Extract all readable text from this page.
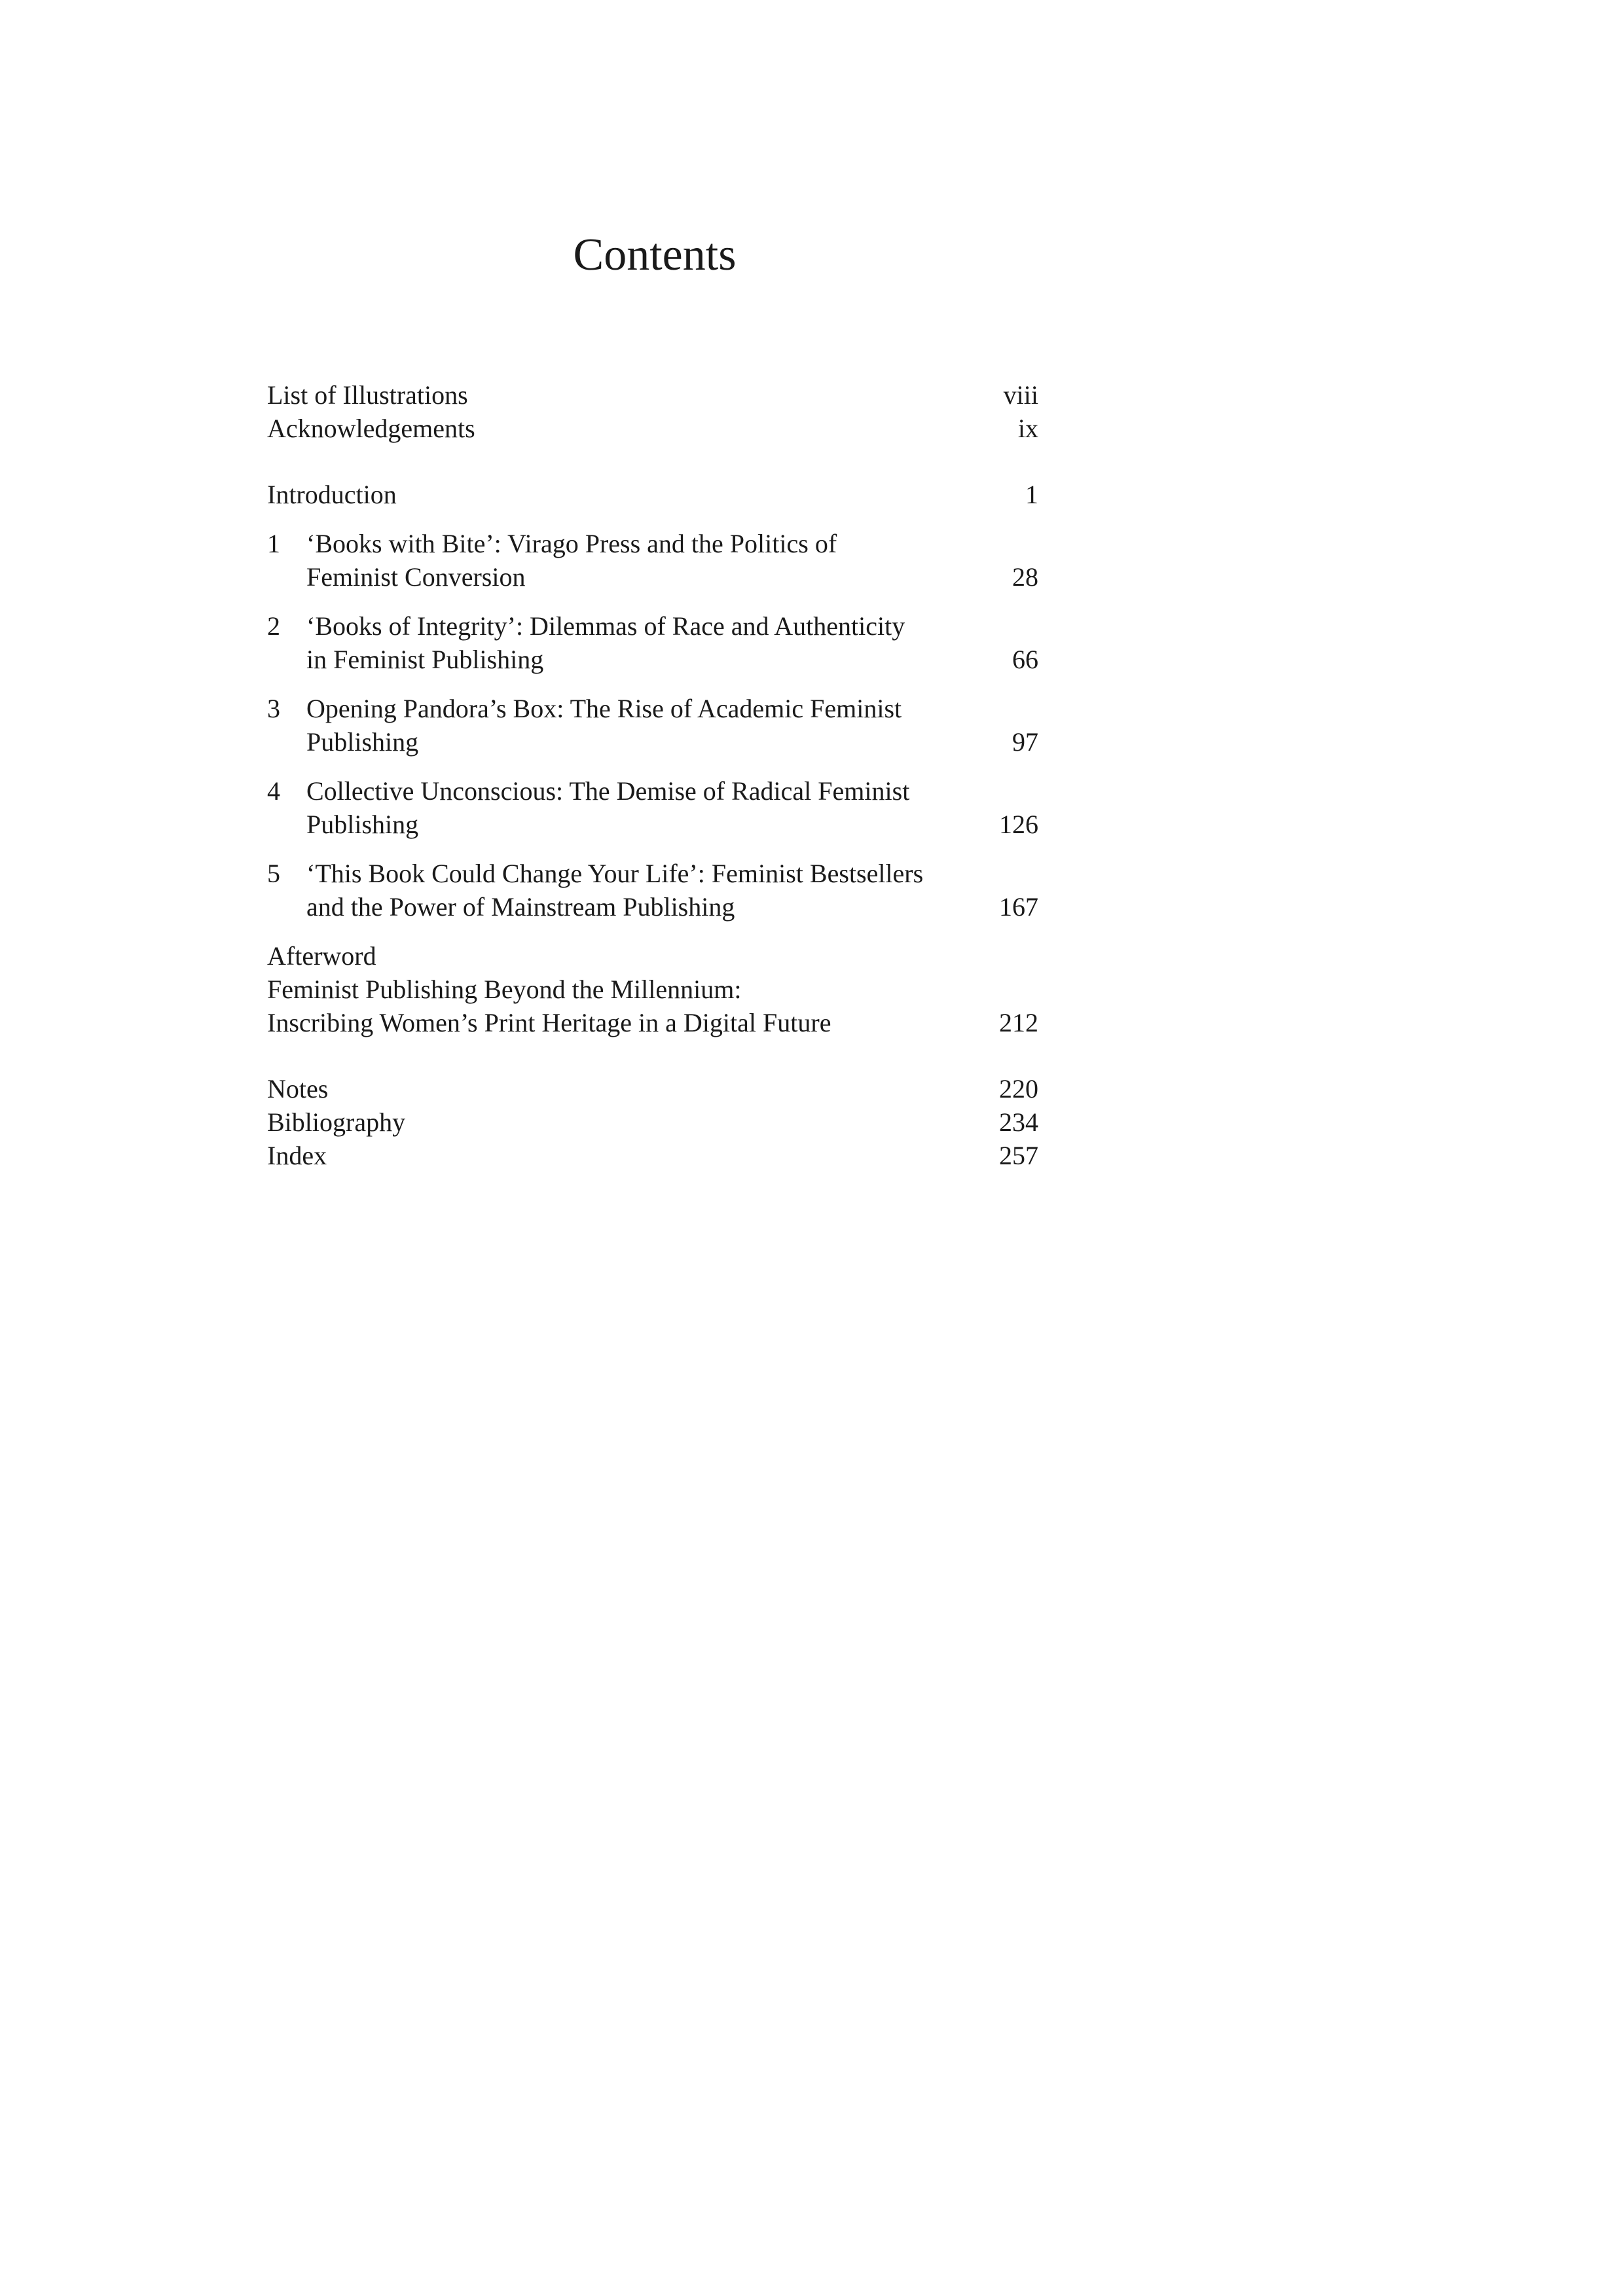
Contents
List of Illustrations	viii
Acknowledgements	ix
Introduction	1
1	‘Books with Bite’: Virago Press and the Politics of
Feminist Conversion	28
2	‘Books of Integrity’: Dilemmas of Race and Authenticity
in Feminist Publishing	66
3	Opening Pandora’s Box: The Rise of Academic Feminist
Publishing	97
4	Collective Unconscious: The Demise of Radical Feminist
Publishing	126
5	‘This Book Could Change Your Life’: Feminist Bestsellers
and the Power of Mainstream Publishing	167
Afterword
Feminist Publishing Beyond the Millennium:
Inscribing Women’s Print Heritage in a Digital Future	212
Notes	220
Bibliography	234
Index	257
